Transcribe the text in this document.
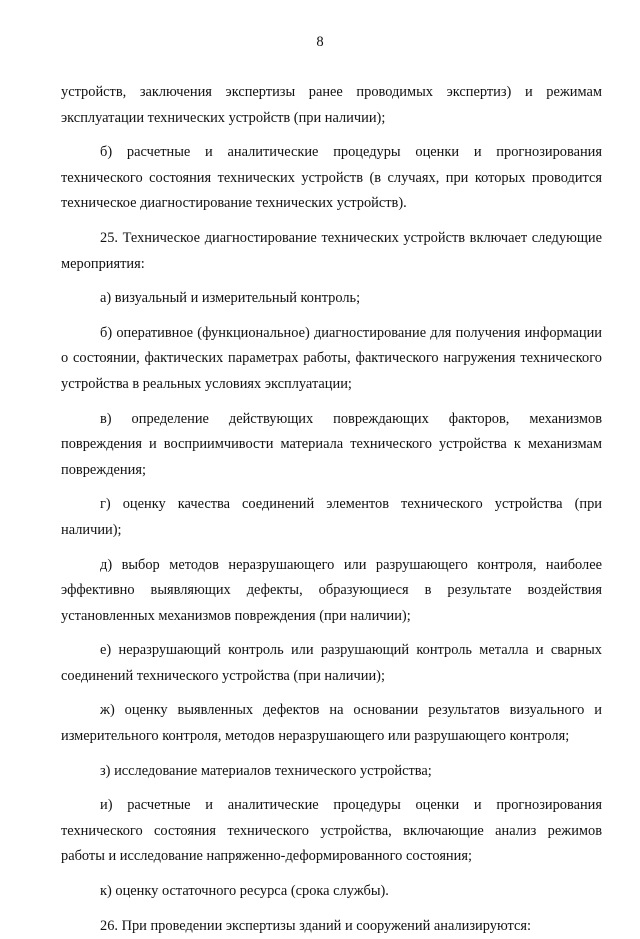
8

устройств, заключения экспертизы ранее проводимых экспертиз) и режимам эксплуатации технических устройств (при наличии);

б) расчетные и аналитические процедуры оценки и прогнозирования технического состояния технических устройств (в случаях, при которых проводится техническое диагностирование технических устройств).

25. Техническое диагностирование технических устройств включает следующие мероприятия:

а) визуальный и измерительный контроль;

б) оперативное (функциональное) диагностирование для получения информации о состоянии, фактических параметрах работы, фактического нагружения технического устройства в реальных условиях эксплуатации;

в) определение действующих повреждающих факторов, механизмов повреждения и восприимчивости материала технического устройства к механизмам повреждения;

г) оценку качества соединений элементов технического устройства (при наличии);

д) выбор методов неразрушающего или разрушающего контроля, наиболее эффективно выявляющих дефекты, образующиеся в результате воздействия установленных механизмов повреждения (при наличии);

е) неразрушающий контроль или разрушающий контроль металла и сварных соединений технического устройства (при наличии);

ж) оценку выявленных дефектов на основании результатов визуального и измерительного контроля, методов неразрушающего или разрушающего контроля;

з) исследование материалов технического устройства;

и) расчетные и аналитические процедуры оценки и прогнозирования технического состояния технического устройства, включающие анализ режимов работы и исследование напряженно-деформированного состояния;

к) оценку остаточного ресурса (срока службы).

26. При проведении экспертизы зданий и сооружений анализируются:
